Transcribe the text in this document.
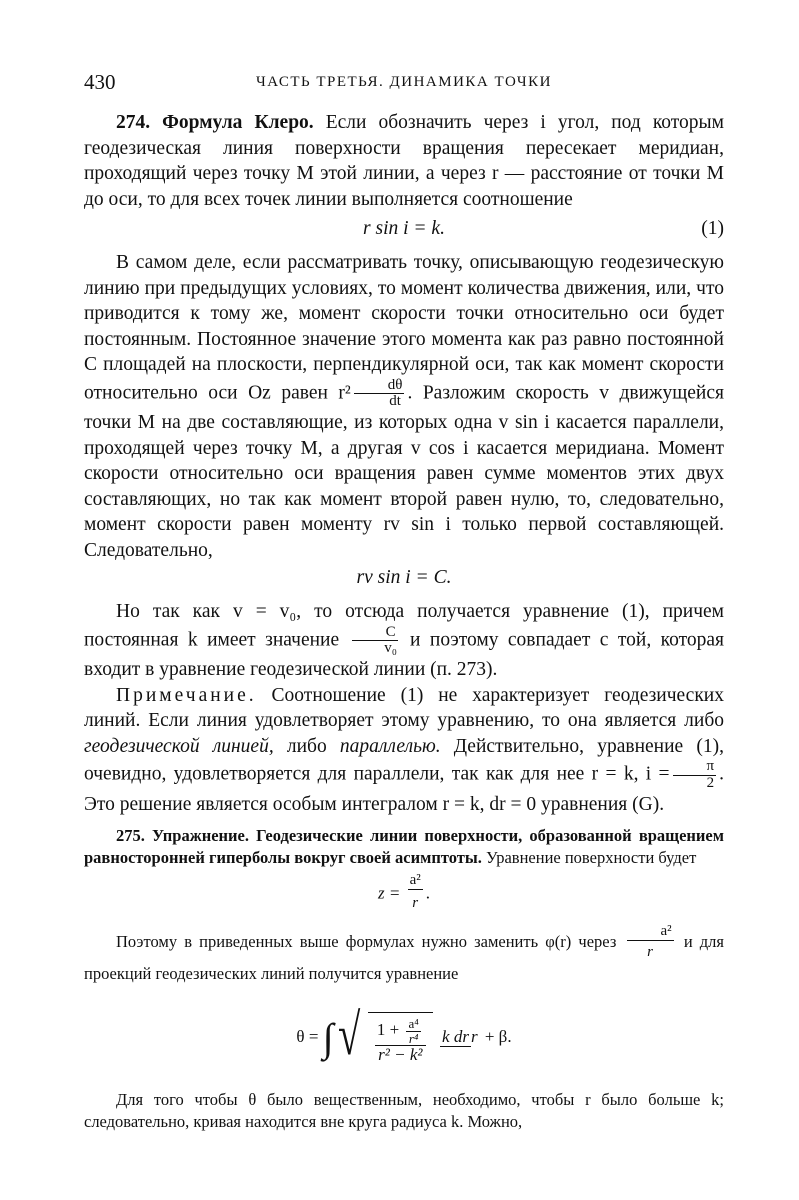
430	ЧАСТЬ ТРЕТЬЯ. ДИНАМИКА ТОЧКИ

274. Формула Клеро. Если обозначить через i угол, под которым геодезическая линия поверхности вращения пересекает меридиан, проходящий через точку M этой линии, а через r — расстояние от точки M до оси, то для всех точек линии выполняется соотношение

r sin i = k.	(1)

В самом деле, если рассматривать точку, описывающую геодезическую линию при предыдущих условиях, то момент количества движения, или, что приводится к тому же, момент скорости точки относительно оси будет постоянным. Постоянное значение этого момента как раз равно постоянной C площадей на плоскости, перпендикулярной оси, так как момент скорости относительно оси Oz равен $r^2 \frac{d\theta}{dt}$ . Разложим скорость v движущейся точки M на две составляющие, из которых одна v sin i касается параллели, проходящей через точку M, а другая v cos i касается меридиана. Момент скорости относительно оси вращения равен сумме моментов этих двух составляющих, но так как момент второй равен нулю, то, следовательно, момент скорости равен моменту rv sin i только первой составляющей. Следовательно,

rv sin i = C.

Но так как v = v₀, то отсюда получается уравнение (1), причем постоянная k имеет значение $\frac{C}{\text{v₀}}$ и поэтому совпадает с той, которая входит в уравнение геодезической линии (п. 273).

Примечание. Соотношение (1) не характеризует геодезических линий. Если линия удовлетворяет этому уравнению, то она является либо геодезической линией, либо параллелью. Действительно, уравнение (1), очевидно, удовлетворяется для параллели, так как для нее r = k, $i = \frac{\pi}{2}$ . Это решение является особым интегралом r = k, dr = 0 уравнения (G).

275. Упражнение. Геодезические линии поверхности, образованной вращением равносторонней гиперболы вокруг своей асимптоты. Уравнение поверхности будет

$z = \frac{\text{a²}}{r}$ .

Поэтому в приведенных выше формулах нужно заменить φ(r) через $\frac{\text{a²}}{r}$ и для проекций геодезических линий получится уравнение

θ = ∫ √ $\frac{1 + \frac{\text{a⁴}}{\text{r⁴}}}{\text{r² − k²}}$ k dr r + β.

Для того чтобы θ было вещественным, необходимо, чтобы r было больше k; следовательно, кривая находится вне круга радиуса k. Можно,
